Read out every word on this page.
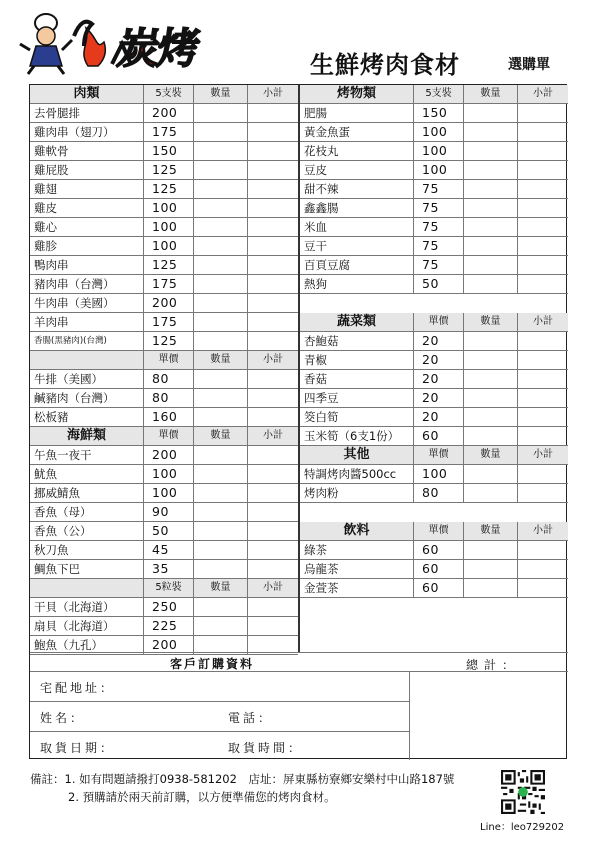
炭烤	生鮮烤肉食材	選購單
肉類	5支裝	數量	小計
去骨腿排	200
雞肉串（翅刀）	175
雞軟骨	150
雞屁股	125
雞翅	125
雞皮	100
雞心	100
雞胗	100
鴨肉串	125
豬肉串（台灣）	175
牛肉串（美國）	200
羊肉串	175
香腸(黑豬肉)(台灣)	125
單價	數量	小計
牛排（美國）	80
鹹豬肉（台灣）	80
松板豬	160
海鮮類	單價	數量	小計
午魚一夜干	200
魷魚	100
挪威鯖魚	100
香魚（母）	90
香魚（公）	50
秋刀魚	45
鯛魚下巴	35
5粒裝	數量	小計
干貝（北海道）	250
扇貝（北海道）	225
鮑魚（九孔）	200
烤物類	5支裝	數量	小計
肥腸	150
黃金魚蛋	100
花枝丸	100
豆皮	100
甜不辣	75
鑫鑫腸	75
米血	75
豆干	75
百頁豆腐	75
熱狗	50
蔬菜類	單價	數量	小計
杏鮑菇	20
青椒	20
香菇	20
四季豆	20
筊白筍	20
玉米筍（6支1份）	60
其他	單價	數量	小計
特調烤肉醬500cc	100
烤肉粉	80
飲料	單價	數量	小計
綠茶	60
烏龍茶	60
金萱茶	60
客戶訂購資料	總計：
宅配地址：
姓名：	電話：
取貨日期：	取貨時間：
備註：1. 如有問題請撥打0938-581202　店址：屏東縣枋寮鄉安樂村中山路187號
2. 預購請於兩天前訂購，以方便準備您的烤肉食材。
Line：leo729202
